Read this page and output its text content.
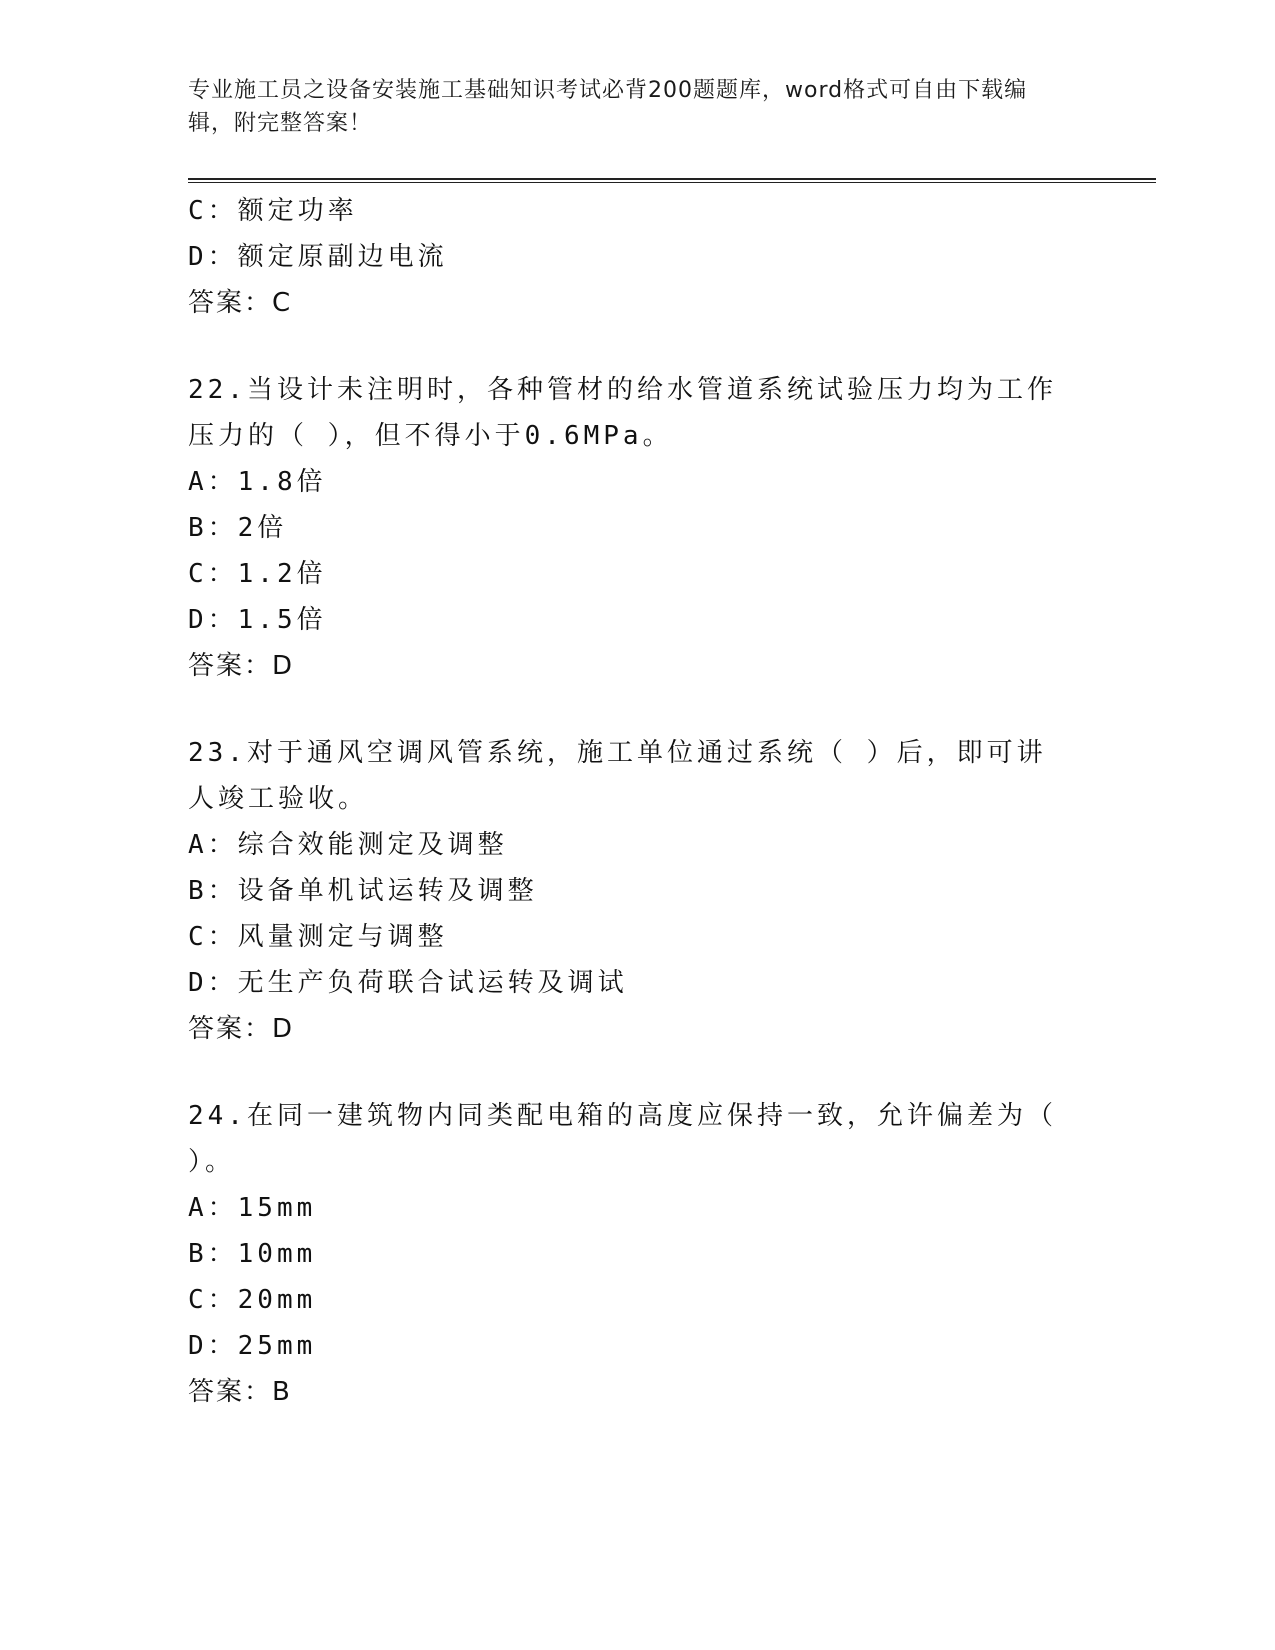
专业施工员之设备安装施工基础知识考试必背200题题库，word格式可自由下载编辑，附完整答案！
C：额定功率
D：额定原副边电流
答案：C
22.当设计未注明时，各种管材的给水管道系统试验压力均为工作压力的（ ），但不得小于0.6MPa。
A：1.8倍
B：2倍
C：1.2倍
D：1.5倍
答案：D
23.对于通风空调风管系统，施工单位通过系统（ ）后，即可讲人竣工验收。
A：综合效能测定及调整
B：设备单机试运转及调整
C：风量测定与调整
D：无生产负荷联合试运转及调试
答案：D
24.在同一建筑物内同类配电箱的高度应保持一致，允许偏差为（ ）。
A：15mm
B：10mm
C：20mm
D：25mm
答案：B
